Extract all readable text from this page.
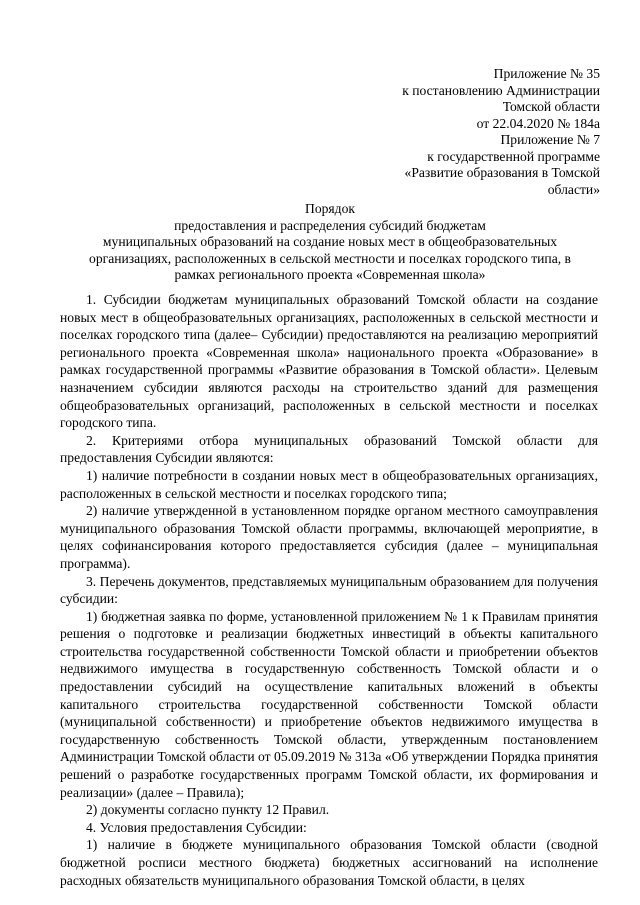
Приложение № 35
к постановлению Администрации
Томской области
от 22.04.2020 № 184а
Приложение № 7
к государственной программе
«Развитие образования в Томской
области»
Порядок
предоставления и распределения субсидий бюджетам
муниципальных образований на создание новых мест в общеобразовательных
организациях, расположенных в сельской местности и поселках городского типа, в
рамках регионального проекта «Современная школа»

1. Субсидии бюджетам муниципальных образований Томской области на создание новых мест в общеобразовательных организациях, расположенных в сельской местности и поселках городского типа (далее– Субсидии) предоставляются на реализацию мероприятий регионального проекта «Современная школа» национального проекта «Образование» в рамках государственной программы «Развитие образования в Томской области». Целевым назначением субсидии являются расходы на строительство зданий для размещения общеобразовательных организаций, расположенных в сельской местности и поселках городского типа.

2. Критериями отбора муниципальных образований Томской области для предоставления Субсидии являются:

1) наличие потребности в создании новых мест в общеобразовательных организациях, расположенных в сельской местности и поселках городского типа;

2) наличие утвержденной в установленном порядке органом местного самоуправления муниципального образования Томской области программы, включающей мероприятие, в целях софинансирования которого предоставляется субсидия (далее – муниципальная программа).

3. Перечень документов, представляемых муниципальным образованием для получения субсидии:

1) бюджетная заявка по форме, установленной приложением № 1 к Правилам принятия решения о подготовке и реализации бюджетных инвестиций в объекты капитального строительства государственной собственности Томской области и приобретении объектов недвижимого имущества в государственную собственность Томской области и о предоставлении субсидий на осуществление капитальных вложений в объекты капитального строительства государственной собственности Томской области (муниципальной собственности) и приобретение объектов недвижимого имущества в государственную собственность Томской области, утвержденным постановлением Администрации Томской области от 05.09.2019 № 313а «Об утверждении Порядка принятия решений о разработке государственных программ Томской области, их формирования и реализации» (далее – Правила);

2) документы согласно пункту 12 Правил.

4. Условия предоставления Субсидии:

1) наличие в бюджете муниципального образования Томской области (сводной бюджетной росписи местного бюджета) бюджетных ассигнований на исполнение расходных обязательств муниципального образования Томской области, в целях
